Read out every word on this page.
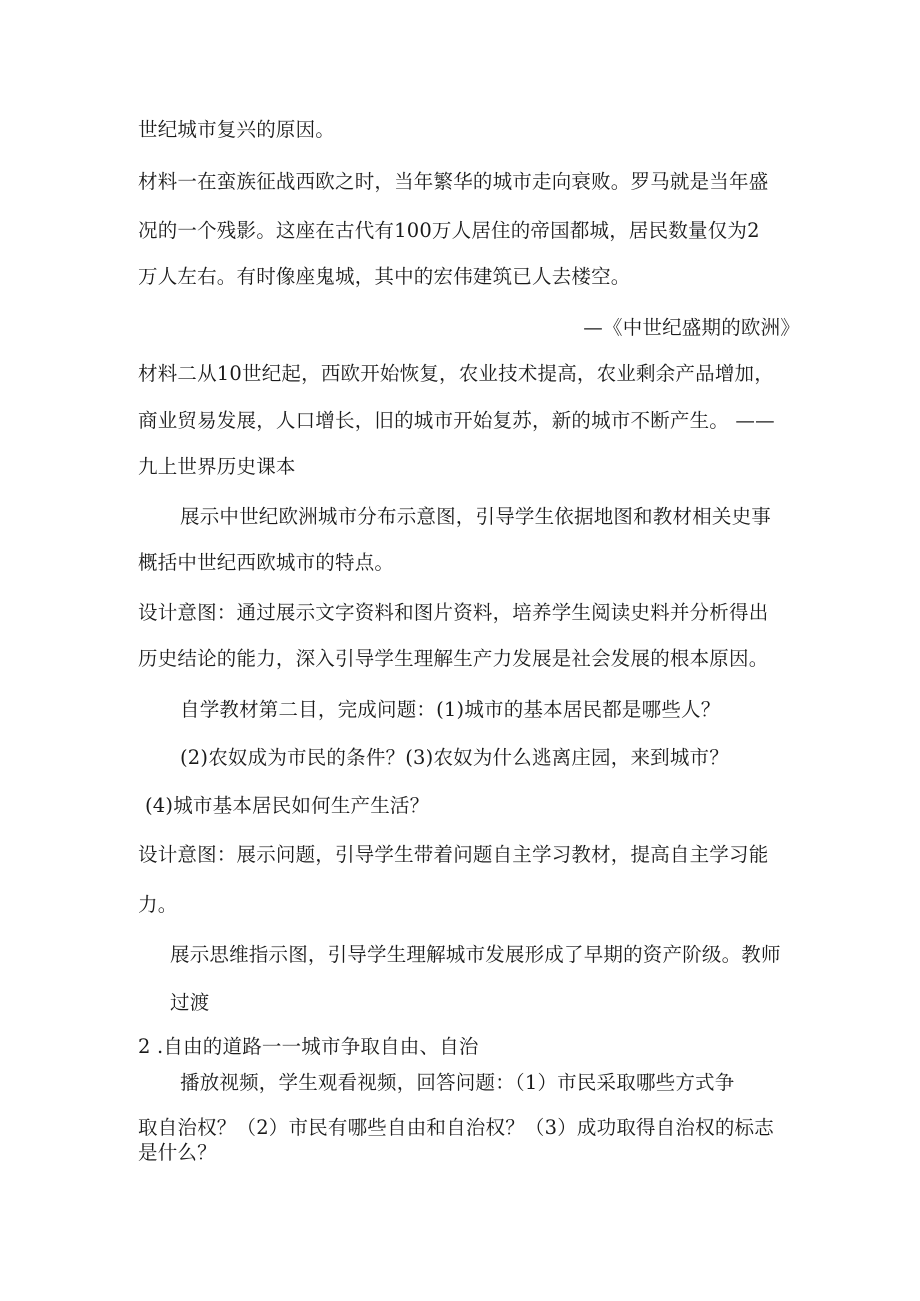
世纪城市复兴的原因。
材料一在蛮族征战西欧之时，当年繁华的城市走向衰败。罗马就是当年盛
况的一个残影。这座在古代有100万人居住的帝国都城，居民数量仅为2
万人左右。有时像座鬼城，其中的宏伟建筑已人去楼空。
—《中世纪盛期的欧洲》
材料二从10世纪起，西欧开始恢复，农业技术提高，农业剩余产品增加，
商业贸易发展，人口增长，旧的城市开始复苏，新的城市不断产生。 ——
九上世界历史课本
展示中世纪欧洲城市分布示意图，引导学生依据地图和教材相关史事
概括中世纪西欧城市的特点。
设计意图：通过展示文字资料和图片资料，培养学生阅读史料并分析得出
历史结论的能力，深入引导学生理解生产力发展是社会发展的根本原因。
自学教材第二目，完成问题：(1)城市的基本居民都是哪些人？
(2)农奴成为市民的条件？(3)农奴为什么逃离庄园，来到城市？
(4)城市基本居民如何生产生活？
设计意图：展示问题，引导学生带着问题自主学习教材，提高自主学习能
力。
展示思维指示图，引导学生理解城市发展形成了早期的资产阶级。教师
过渡
2 .自由的道路一一城市争取自由、自治
播放视频，学生观看视频，回答问题：（1）市民采取哪些方式争
取自治权？（2）市民有哪些自由和自治权？（3）成功取得自治权的标志
是什么？
